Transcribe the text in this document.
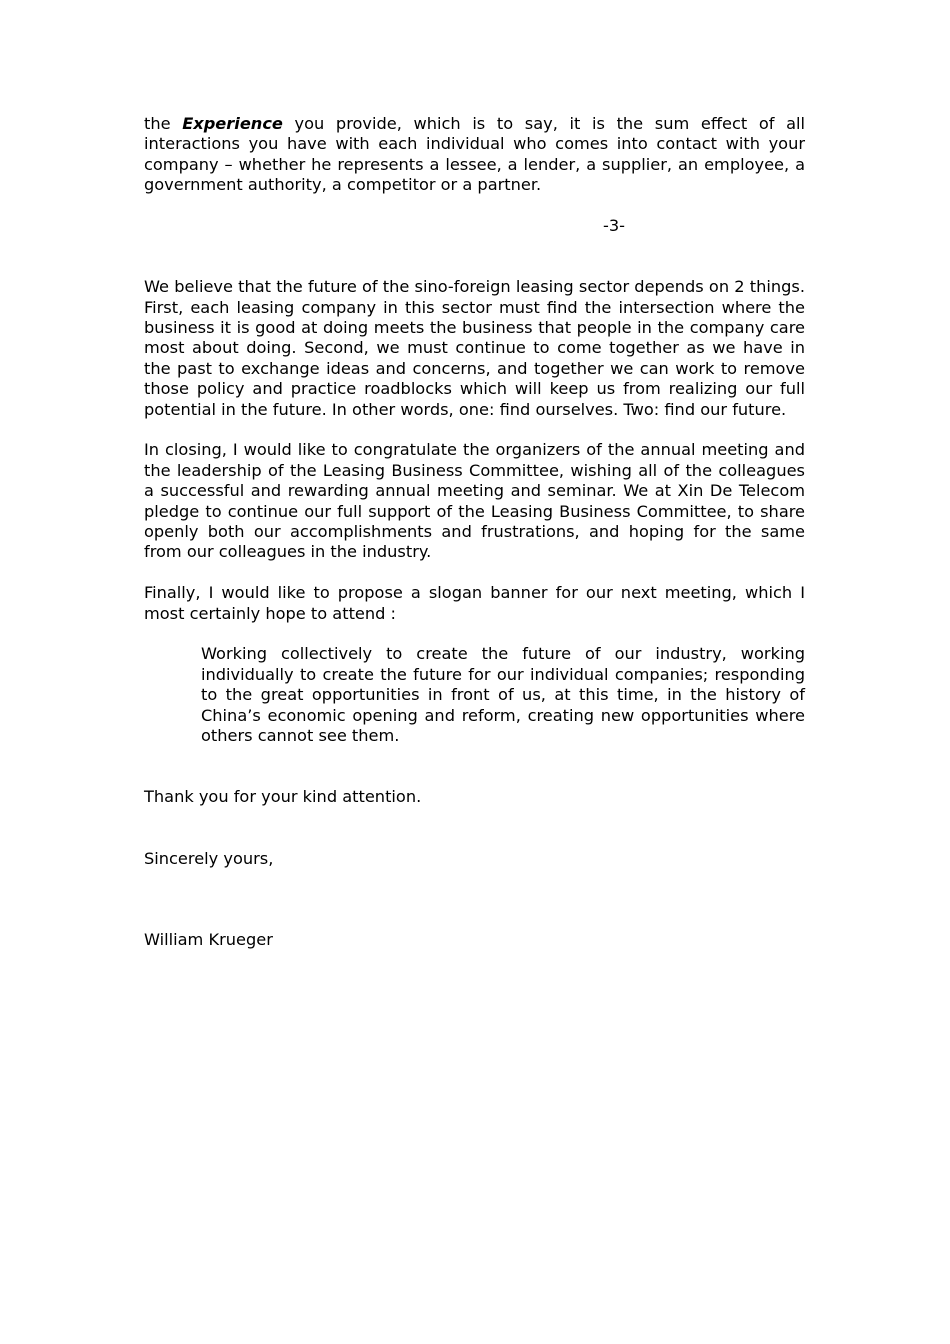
the Experience you provide, which is to say, it is the sum effect of all interactions you have with each individual who comes into contact with your company – whether he represents a lessee, a lender, a supplier, an employee, a government authority, a competitor or a partner.

-3-

We believe that the future of the sino-foreign leasing sector depends on 2 things. First, each leasing company in this sector must find the intersection where the business it is good at doing meets the business that people in the company care most about doing. Second, we must continue to come together as we have in the past to exchange ideas and concerns, and together we can work to remove those policy and practice roadblocks which will keep us from realizing our full potential in the future. In other words, one: find ourselves. Two: find our future.

In closing, I would like to congratulate the organizers of the annual meeting and the leadership of the Leasing Business Committee, wishing all of the colleagues a successful and rewarding annual meeting and seminar. We at Xin De Telecom pledge to continue our full support of the Leasing Business Committee, to share openly both our accomplishments and frustrations, and hoping for the same from our colleagues in the industry.

Finally, I would like to propose a slogan banner for our next meeting, which I most certainly hope to attend :

Working collectively to create the future of our industry, working individually to create the future for our individual companies; responding to the great opportunities in front of us, at this time, in the history of China’s economic opening and reform, creating new opportunities where others cannot see them.

Thank you for your kind attention.

Sincerely yours,

William Krueger
